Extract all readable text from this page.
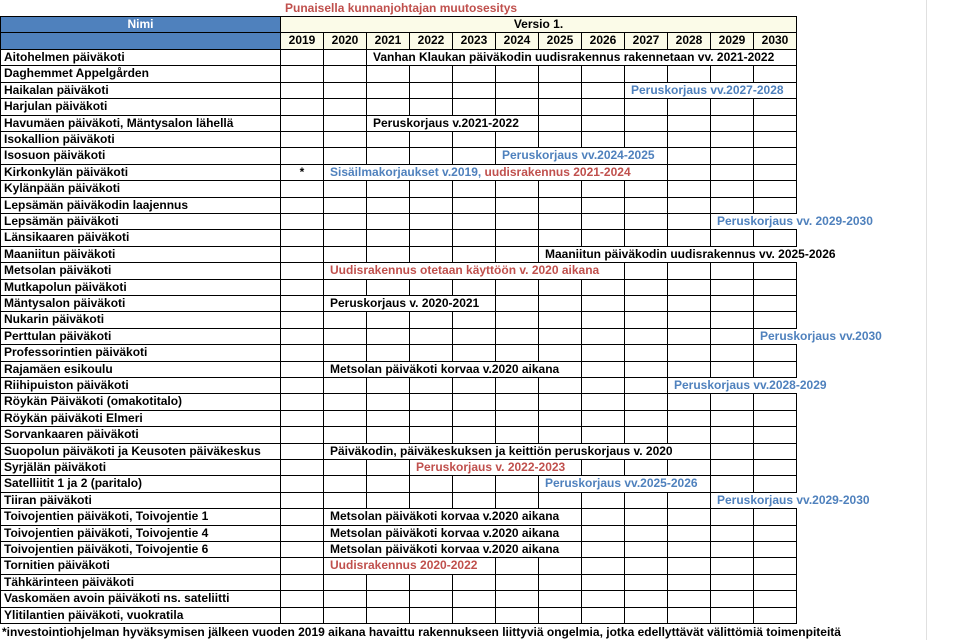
Punaisella kunnanjohtajan muutosesitys
Nimi	Versio 1.
2019	2020	2021	2022	2023	2024	2025	2026	2027	2028	2029	2030
Aitohelmen päiväkoti	Vanhan Klaukan päiväkodin uudisrakennus rakennetaan vv. 2021-2022
Daghemmet Appelgården
Haikalan päiväkoti	Peruskorjaus vv.2027-2028
Harjulan päiväkoti
Havumäen päiväkoti, Mäntysalon lähellä	Peruskorjaus v.2021-2022
Isokallion päiväkoti
Isosuon päiväkoti	Peruskorjaus vv.2024-2025
Kirkonkylän päiväkoti	*	Sisäilmakorjaukset v.2019, uudisrakennus 2021-2024
Kylänpään päiväkoti
Lepsämän päiväkodin laajennus
Lepsämän päiväkoti	Peruskorjaus vv. 2029-2030
Länsikaaren päiväkoti
Maaniitun päiväkoti	Maaniitun päiväkodin uudisrakennus vv. 2025-2026
Metsolan päiväkoti	Uudisrakennus otetaan käyttöön v. 2020 aikana
Mutkapolun päiväkoti
Mäntysalon päiväkoti	Peruskorjaus v. 2020-2021
Nukarin päiväkoti
Perttulan päiväkoti	Peruskorjaus vv.2030
Professorintien päiväkoti
Rajamäen esikoulu	Metsolan päiväkoti korvaa v.2020 aikana
Riihipuiston päiväkoti	Peruskorjaus vv.2028-2029
Röykän Päiväkoti (omakotitalo)
Röykän päiväkoti Elmeri
Sorvankaaren päiväkoti
Suopolun päiväkoti ja Keusoten päiväkeskus	Päiväkodin, päiväkeskuksen ja keittiön peruskorjaus v. 2020
Syrjälän päiväkoti	Peruskorjaus v. 2022-2023
Satelliitit 1 ja 2 (paritalo)	Peruskorjaus vv.2025-2026
Tiiran päiväkoti	Peruskorjaus vv.2029-2030
Toivojentien päiväkoti, Toivojentie 1	Metsolan päiväkoti korvaa v.2020 aikana
Toivojentien päiväkoti, Toivojentie 4	Metsolan päiväkoti korvaa v.2020 aikana
Toivojentien päiväkoti, Toivojentie 6	Metsolan päiväkoti korvaa v.2020 aikana
Tornitien päiväkoti	Uudisrakennus 2020-2022
Tähkärinteen päiväkoti
Vaskomäen avoin päiväkoti ns. sateliitti
Ylitilantien päiväkoti, vuokratila
*investointiohjelman hyväksymisen jälkeen vuoden 2019 aikana havaittu rakennukseen liittyviä ongelmia, jotka edellyttävät välittömiä toimenpiteitä
